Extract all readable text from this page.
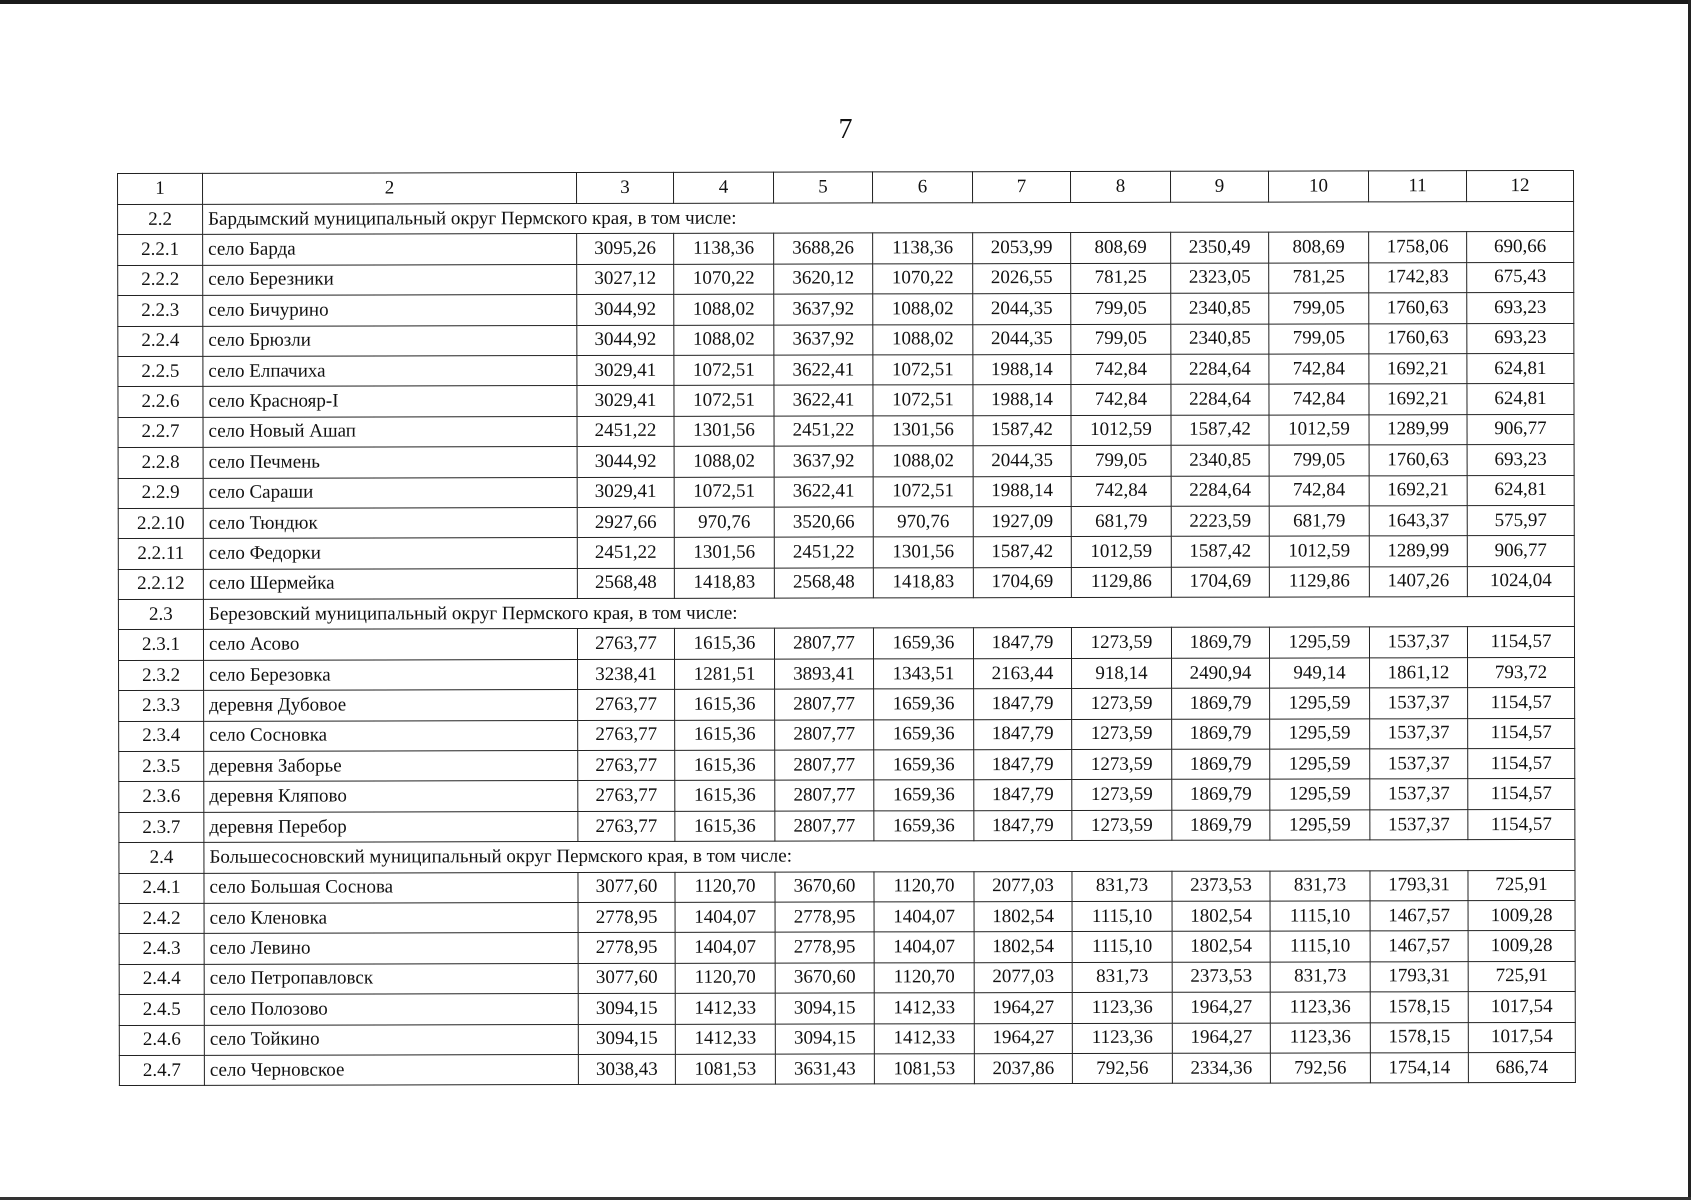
7
1	2	3	4	5	6	7	8	9	10	11	12
2.2	Бардымский муниципальный округ Пермского края, в том числе:										
2.2.1	село Барда	3095,26	1138,36	3688,26	1138,36	2053,99	808,69	2350,49	808,69	1758,06	690,66
2.2.2	село Березники	3027,12	1070,22	3620,12	1070,22	2026,55	781,25	2323,05	781,25	1742,83	675,43
2.2.3	село Бичурино	3044,92	1088,02	3637,92	1088,02	2044,35	799,05	2340,85	799,05	1760,63	693,23
2.2.4	село Брюзли	3044,92	1088,02	3637,92	1088,02	2044,35	799,05	2340,85	799,05	1760,63	693,23
2.2.5	село Елпачиха	3029,41	1072,51	3622,41	1072,51	1988,14	742,84	2284,64	742,84	1692,21	624,81
2.2.6	село Краснояр-I	3029,41	1072,51	3622,41	1072,51	1988,14	742,84	2284,64	742,84	1692,21	624,81
2.2.7	село Новый Ашап	2451,22	1301,56	2451,22	1301,56	1587,42	1012,59	1587,42	1012,59	1289,99	906,77
2.2.8	село Печмень	3044,92	1088,02	3637,92	1088,02	2044,35	799,05	2340,85	799,05	1760,63	693,23
2.2.9	село Сараши	3029,41	1072,51	3622,41	1072,51	1988,14	742,84	2284,64	742,84	1692,21	624,81
2.2.10	село Тюндюк	2927,66	970,76	3520,66	970,76	1927,09	681,79	2223,59	681,79	1643,37	575,97
2.2.11	село Федорки	2451,22	1301,56	2451,22	1301,56	1587,42	1012,59	1587,42	1012,59	1289,99	906,77
2.2.12	село Шермейка	2568,48	1418,83	2568,48	1418,83	1704,69	1129,86	1704,69	1129,86	1407,26	1024,04
2.3	Березовский муниципальный округ Пермского края, в том числе:										
2.3.1	село Асово	2763,77	1615,36	2807,77	1659,36	1847,79	1273,59	1869,79	1295,59	1537,37	1154,57
2.3.2	село Березовка	3238,41	1281,51	3893,41	1343,51	2163,44	918,14	2490,94	949,14	1861,12	793,72
2.3.3	деревня Дубовое	2763,77	1615,36	2807,77	1659,36	1847,79	1273,59	1869,79	1295,59	1537,37	1154,57
2.3.4	село Сосновка	2763,77	1615,36	2807,77	1659,36	1847,79	1273,59	1869,79	1295,59	1537,37	1154,57
2.3.5	деревня Заборье	2763,77	1615,36	2807,77	1659,36	1847,79	1273,59	1869,79	1295,59	1537,37	1154,57
2.3.6	деревня Кляпово	2763,77	1615,36	2807,77	1659,36	1847,79	1273,59	1869,79	1295,59	1537,37	1154,57
2.3.7	деревня Перебор	2763,77	1615,36	2807,77	1659,36	1847,79	1273,59	1869,79	1295,59	1537,37	1154,57
2.4	Большесосновский муниципальный округ Пермского края, в том числе:										
2.4.1	село Большая Соснова	3077,60	1120,70	3670,60	1120,70	2077,03	831,73	2373,53	831,73	1793,31	725,91
2.4.2	село Кленовка	2778,95	1404,07	2778,95	1404,07	1802,54	1115,10	1802,54	1115,10	1467,57	1009,28
2.4.3	село Левино	2778,95	1404,07	2778,95	1404,07	1802,54	1115,10	1802,54	1115,10	1467,57	1009,28
2.4.4	село Петропавловск	3077,60	1120,70	3670,60	1120,70	2077,03	831,73	2373,53	831,73	1793,31	725,91
2.4.5	село Полозово	3094,15	1412,33	3094,15	1412,33	1964,27	1123,36	1964,27	1123,36	1578,15	1017,54
2.4.6	село Тойкино	3094,15	1412,33	3094,15	1412,33	1964,27	1123,36	1964,27	1123,36	1578,15	1017,54
2.4.7	село Черновское	3038,43	1081,53	3631,43	1081,53	2037,86	792,56	2334,36	792,56	1754,14	686,74
